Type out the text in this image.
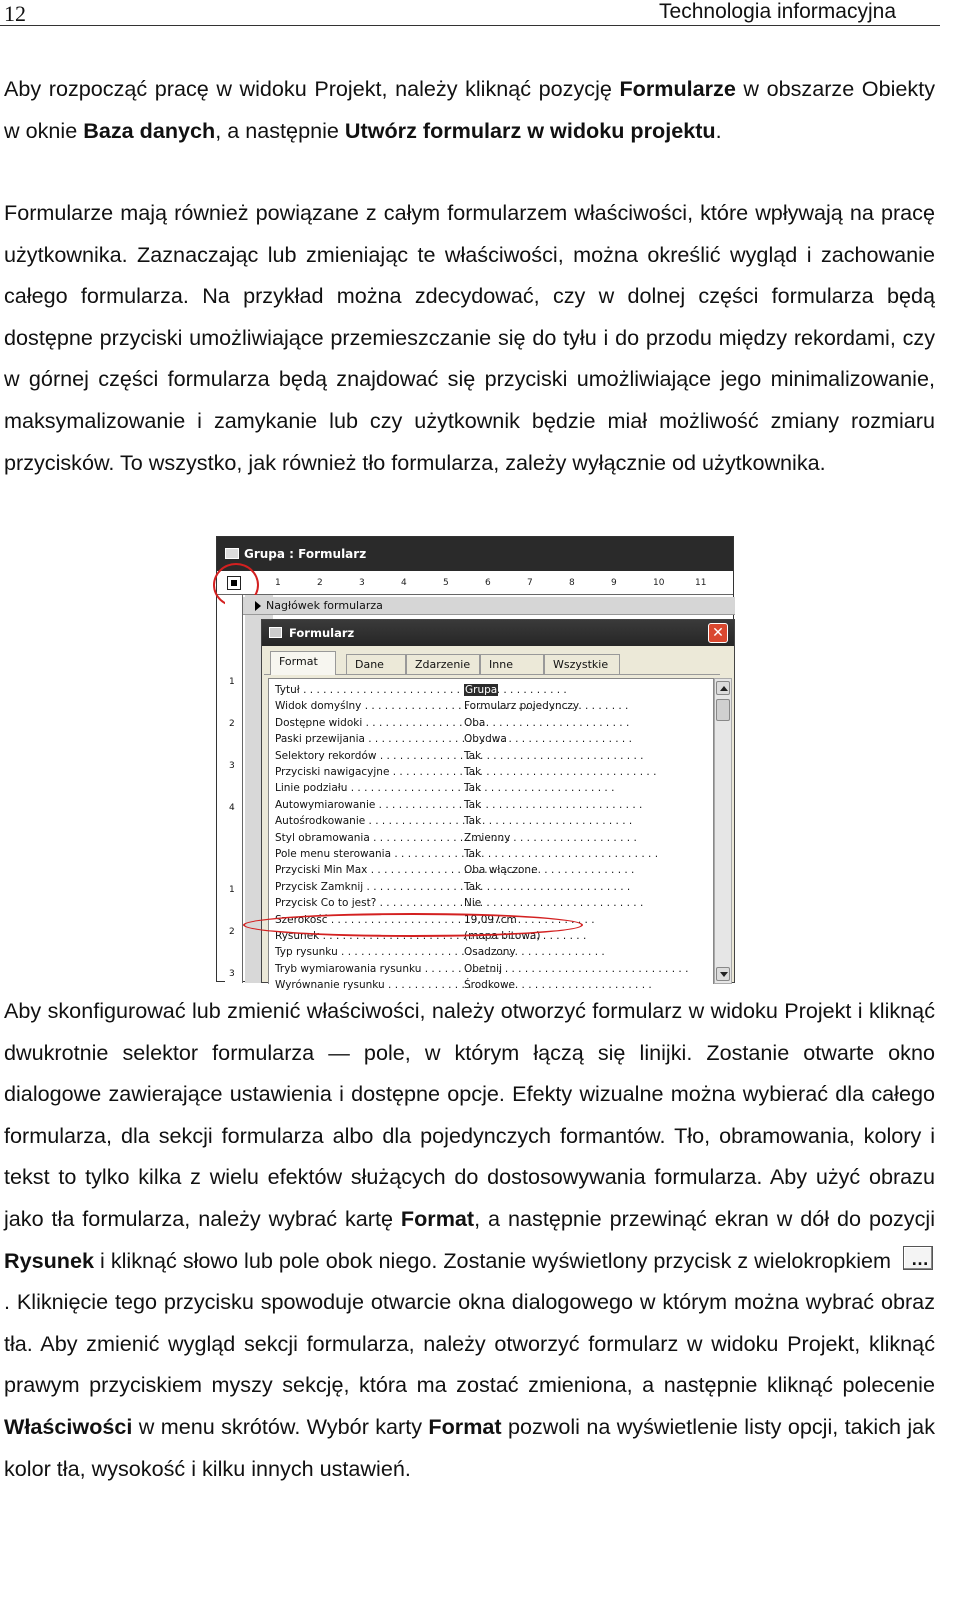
12	Technologia informacyjna

Aby rozpocząć pracę w widoku Projekt, należy kliknąć pozycję Formularze w obszarze Obiekty w oknie Baza danych, a następnie Utwórz formularz w widoku projektu.

Formularze mają również powiązane z całym formularzem właściwości, które wpływają na pracę użytkownika. Zaznaczając lub zmieniając te właściwości, można określić wygląd i zachowanie całego formularza. Na przykład można zdecydować, czy w dolnej części formularza będą dostępne przyciski umożliwiające przemieszczanie się do tyłu i do przodu między rekordami, czy w górnej części formularza będą znajdować się przyciski umożliwiające jego minimalizowanie, maksymalizowanie i zamykanie lub czy użytkownik będzie miał możliwość zmiany rozmiaru przycisków. To wszystko, jak również tło formularza, zależy wyłącznie od użytkownika.

Grupa : Formularz
1	2	3	4	5	6	7	8	9	10	11
1
2
3
4
1
2
3
Nagłówek formularza
Formularz	✕
Format	Dane	Zdarzenie	Inne	Wszystkie
Tytuł . . .	Grupa
Widok domyślny . . .	Formularz pojedynczy
Dostępne widoki . . .	Oba
Paski przewijania . . .	Obydwa
Selektory rekordów . . .	Tak
Przyciski nawigacyjne . . .	Tak
Linie podziału . . .	Tak
Autowymiarowanie . . .	Tak
Autośrodkowanie . . .	Tak
Styl obramowania . . .	Zmienny
Pole menu sterowania . . .	Tak
Przyciski Min Max . . .	Oba włączone
Przycisk Zamknij . . .	Tak
Przycisk Co to jest? . . .	Nie
Szerokość . . .	19,097cm
Rysunek . . .	(mapa bitowa)
Typ rysunku . . .	Osadzony
Tryb wymiarowania rysunku . . .	Obetnij
Wyrównanie rysunku . . .	Środkowe

Aby skonfigurować lub zmienić właściwości, należy otworzyć formularz w widoku Projekt i kliknąć dwukrotnie selektor formularza — pole, w którym łączą się linijki. Zostanie otwarte okno dialogowe zawierające ustawienia i dostępne opcje. Efekty wizualne można wybierać dla całego formularza, dla sekcji formularza albo dla pojedynczych formantów. Tło, obramowania, kolory i tekst to tylko kilka z wielu efektów służących do dostosowywania formularza. Aby użyć obrazu jako tła formularza, należy wybrać kartę Format, a następnie przewinąć ekran w dół do pozycji Rysunek i kliknąć słowo lub pole obok niego. Zostanie wyświetlony przycisk z wielokropkiem…. Kliknięcie tego przycisku spowoduje otwarcie okna dialogowego w którym można wybrać obraz tła. Aby zmienić wygląd sekcji formularza, należy otworzyć formularz w widoku Projekt, kliknąć prawym przyciskiem myszy sekcję, która ma zostać zmieniona, a następnie kliknąć polecenie Właściwości w menu skrótów. Wybór karty Format pozwoli na wyświetlenie listy opcji, takich jak kolor tła, wysokość i kilku innych ustawień.
